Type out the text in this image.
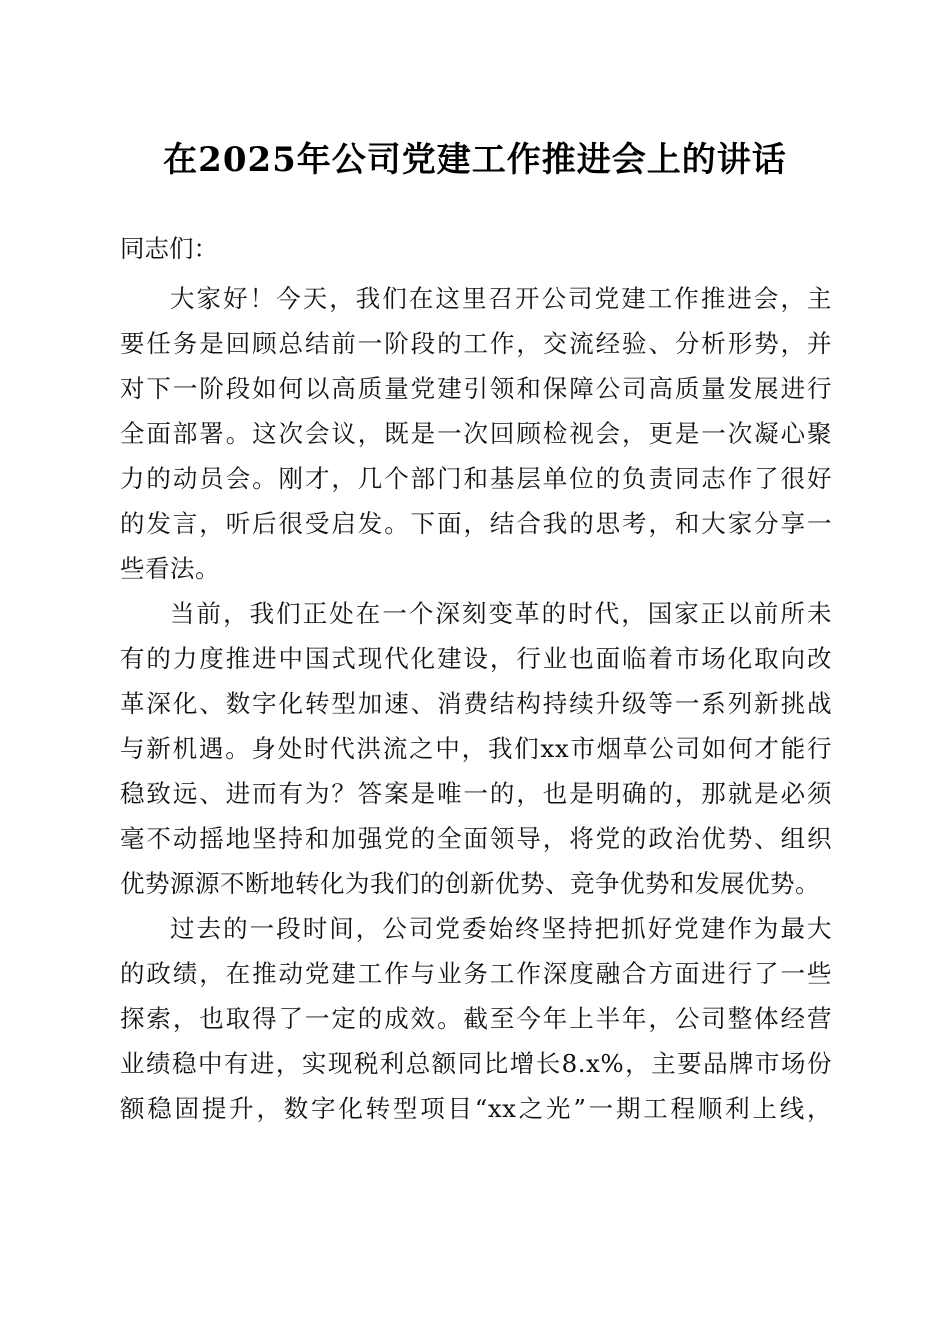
在2025年公司党建工作推进会上的讲话

同志们：

大家好！今天，我们在这里召开公司党建工作推进会，主
要任务是回顾总结前一阶段的工作，交流经验、分析形势，并
对下一阶段如何以高质量党建引领和保障公司高质量发展进行
全面部署。这次会议，既是一次回顾检视会，更是一次凝心聚
力的动员会。刚才，几个部门和基层单位的负责同志作了很好
的发言，听后很受启发。下面，结合我的思考，和大家分享一
些看法。

当前，我们正处在一个深刻变革的时代，国家正以前所未
有的力度推进中国式现代化建设，行业也面临着市场化取向改
革深化、数字化转型加速、消费结构持续升级等一系列新挑战
与新机遇。身处时代洪流之中，我们xx市烟草公司如何才能行
稳致远、进而有为？答案是唯一的，也是明确的，那就是必须
毫不动摇地坚持和加强党的全面领导，将党的政治优势、组织
优势源源不断地转化为我们的创新优势、竞争优势和发展优势。

过去的一段时间，公司党委始终坚持把抓好党建作为最大
的政绩，在推动党建工作与业务工作深度融合方面进行了一些
探索，也取得了一定的成效。截至今年上半年，公司整体经营
业绩稳中有进，实现税利总额同比增长8.x%，主要品牌市场份
额稳固提升，数字化转型项目“xx之光”一期工程顺利上线，
